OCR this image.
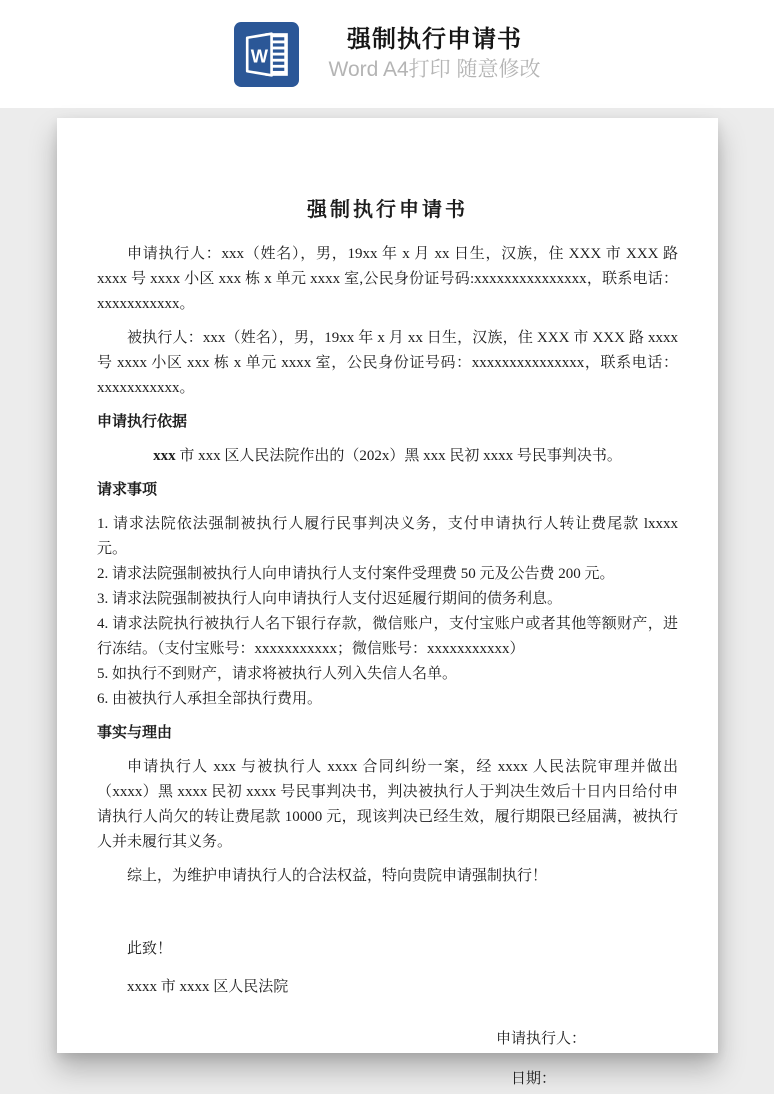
W
强制执行申请书
Word A4打印 随意修改
强制执行申请书

申请执行人：xxx（姓名），男，19xx 年 x 月 xx 日生，汉族，住 XXX 市 XXX 路 xxxx 号 xxxx 小区 xxx 栋 x 单元 xxxx 室,公民身份证号码:xxxxxxxxxxxxxxx，联系电话：xxxxxxxxxxx。

被执行人：xxx（姓名），男，19xx 年 x 月 xx 日生，汉族，住 XXX 市 XXX 路 xxxx 号 xxxx 小区 xxx 栋 x 单元 xxxx 室，公民身份证号码：xxxxxxxxxxxxxxx，联系电话：xxxxxxxxxxx。

申请执行依据

xxx 市 xxx 区人民法院作出的（202x）黑 xxx 民初 xxxx 号民事判决书。

请求事项

1. 请求法院依法强制被执行人履行民事判决义务，支付申请执行人转让费尾款 lxxxx 元。

2. 请求法院强制被执行人向申请执行人支付案件受理费 50 元及公告费 200 元。

3. 请求法院强制被执行人向申请执行人支付迟延履行期间的债务利息。

4. 请求法院执行被执行人名下银行存款，微信账户，支付宝账户或者其他等额财产，进行冻结。（支付宝账号：xxxxxxxxxxx；微信账号：xxxxxxxxxxx）

5. 如执行不到财产，请求将被执行人列入失信人名单。

6. 由被执行人承担全部执行费用。

事实与理由

申请执行人 xxx 与被执行人 xxxx 合同纠纷一案，经 xxxx 人民法院审理并做出（xxxx）黑 xxxx 民初 xxxx 号民事判决书，判决被执行人于判决生效后十日内日给付申请执行人尚欠的转让费尾款 10000 元，现该判决已经生效，履行期限已经届满，被执行人并未履行其义务。

综上，为维护申请执行人的合法权益，特向贵院申请强制执行！

此致！

xxxx 市 xxxx 区人民法院

申请执行人：

日期：
